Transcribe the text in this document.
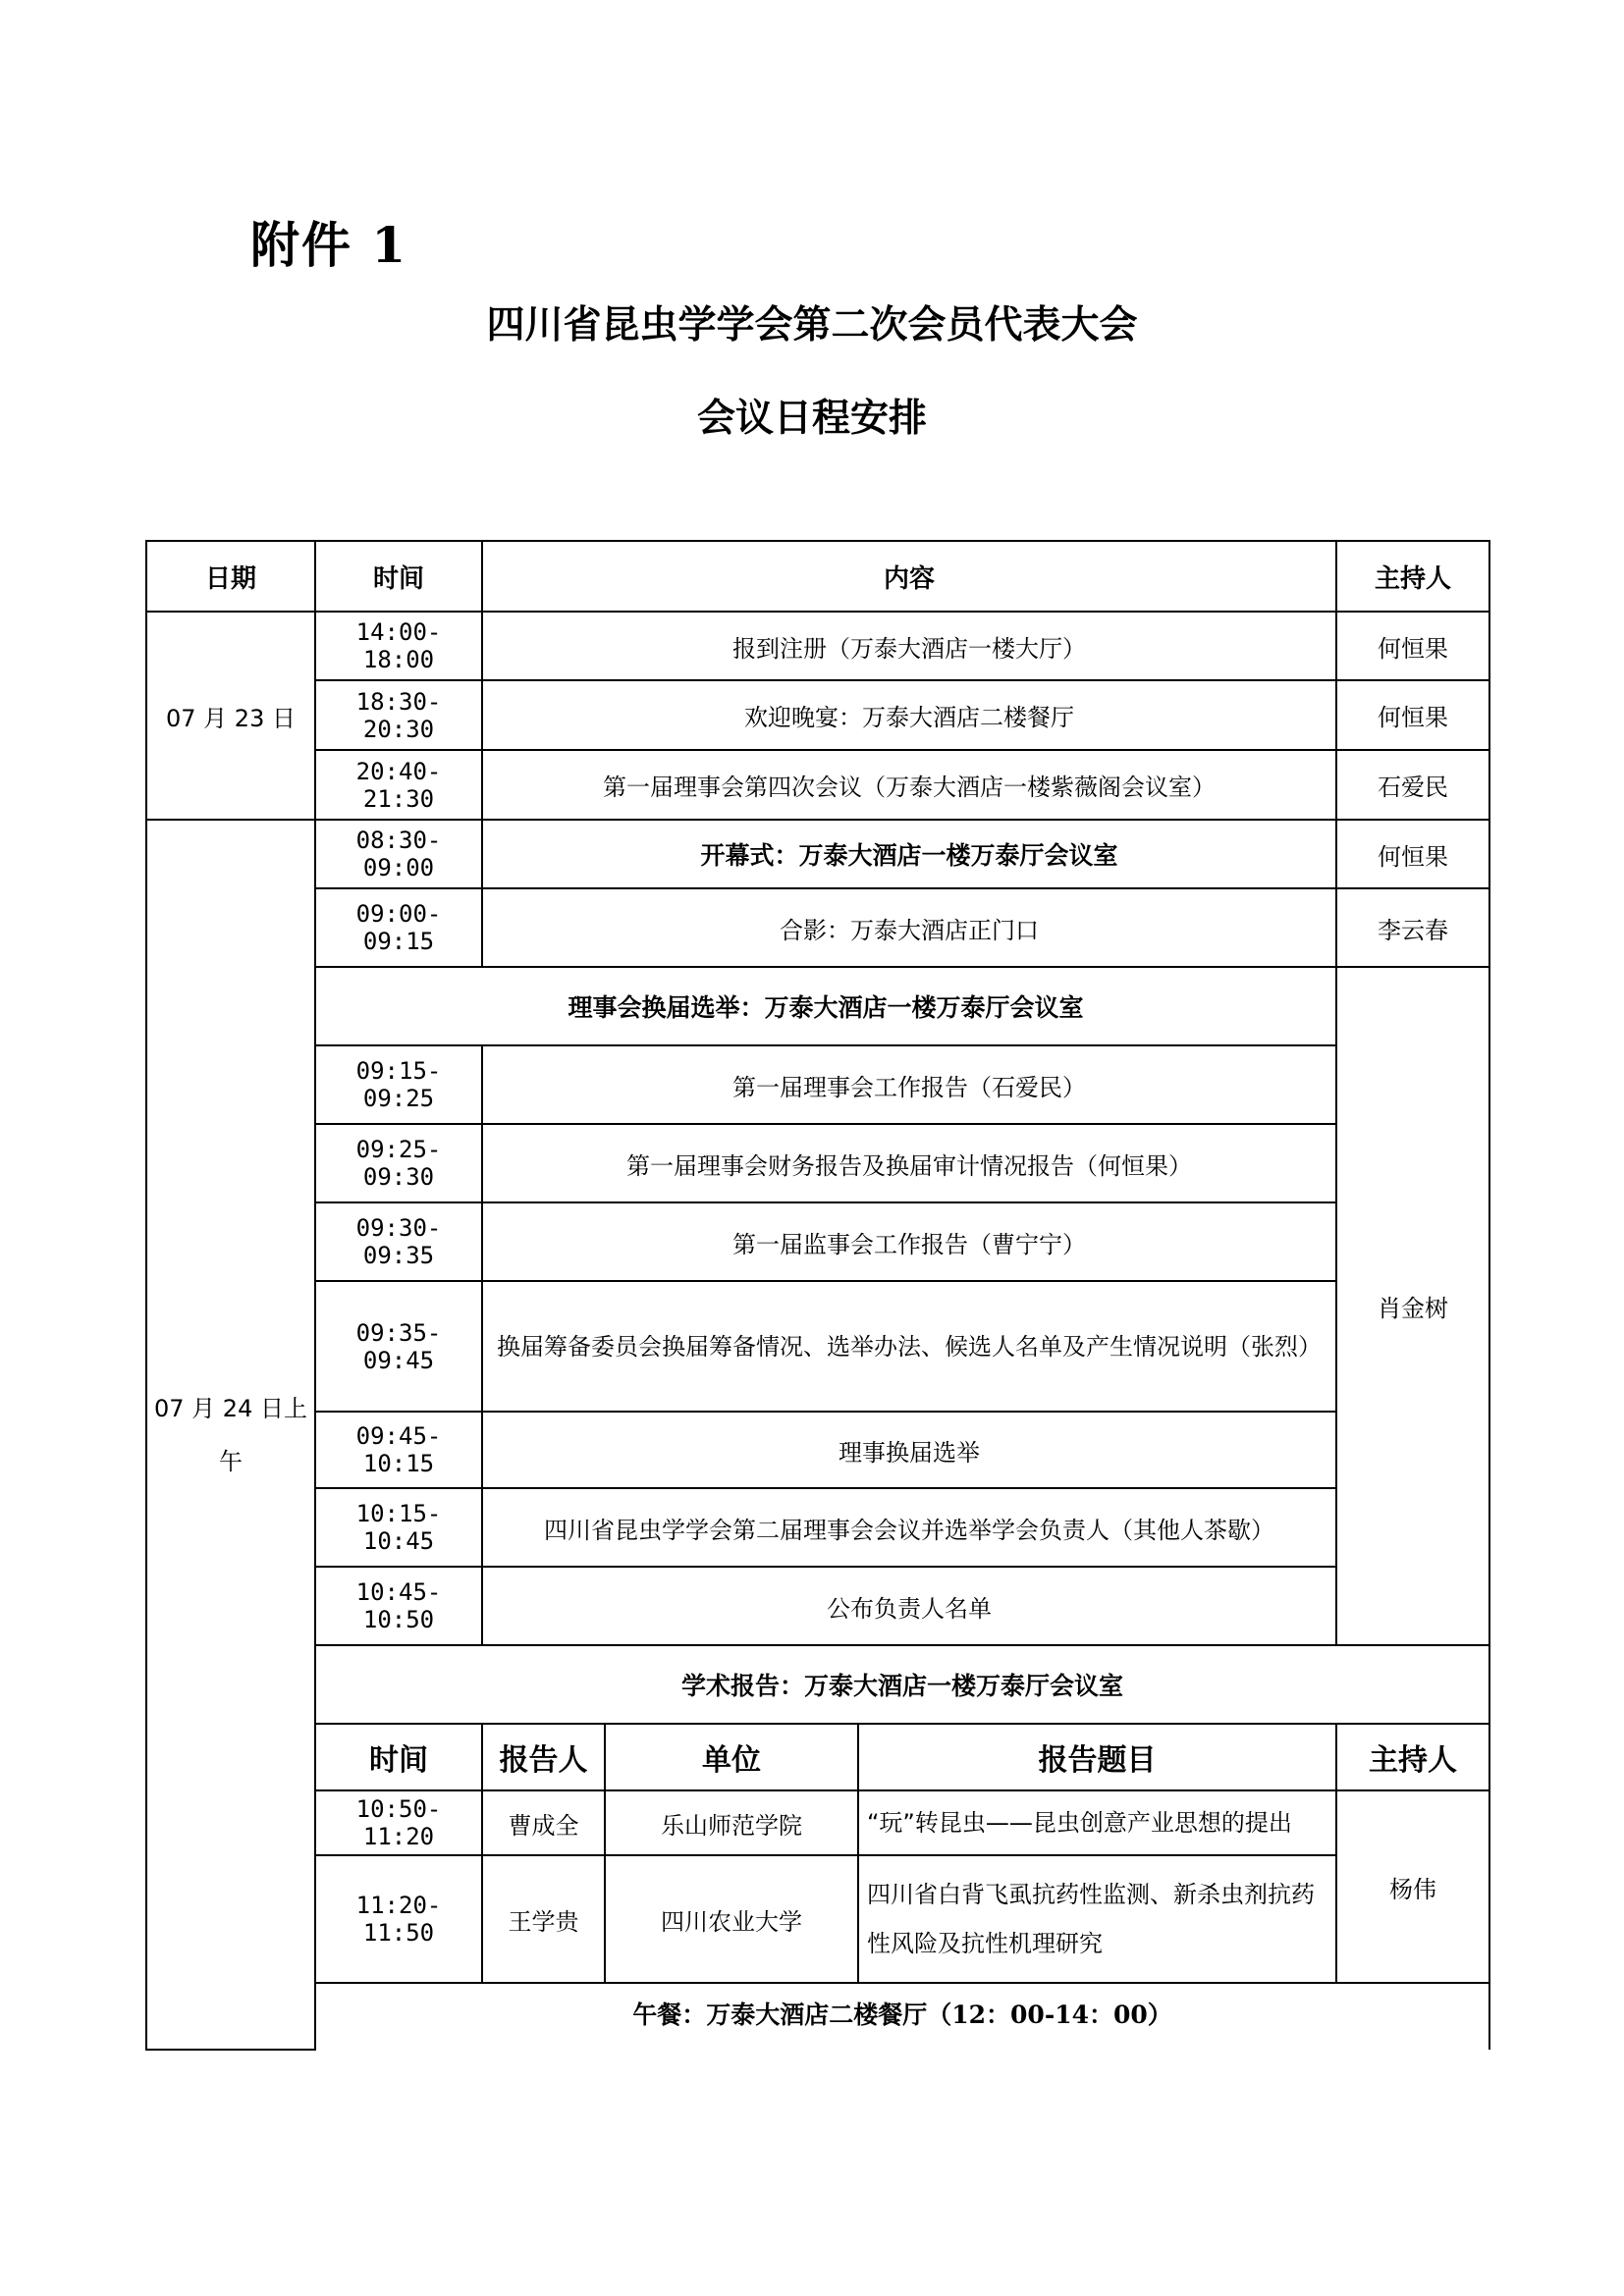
附件 1
四川省昆虫学学会第二次会员代表大会
会议日程安排
日期	时间	内容			主持人
07 月 23 日	14:00-18:00	报到注册（万泰大酒店一楼大厅）			何恒果
	18:30-20:30	欢迎晚宴：万泰大酒店二楼餐厅			何恒果
	20:40-21:30	第一届理事会第四次会议（万泰大酒店一楼紫薇阁会议室）			石爱民
07 月 24 日上午	08:30-09:00	开幕式：万泰大酒店一楼万泰厅会议室			何恒果
	09:00-09:15	合影：万泰大酒店正门口			李云春
	理事会换届选举：万泰大酒店一楼万泰厅会议室				肖金树
	09:15-09:25	第一届理事会工作报告（石爱民）			
	09:25-09:30	第一届理事会财务报告及换届审计情况报告（何恒果）			
	09:30-09:35	第一届监事会工作报告（曹宁宁）			
	09:35-09:45	换届筹备委员会换届筹备情况、选举办法、候选人名单及产生情况说明（张烈）			
	09:45-10:15	理事换届选举			
	10:15-10:45	四川省昆虫学学会第二届理事会会议并选举学会负责人（其他人茶歇）			
	10:45-10:50	公布负责人名单			
	学术报告：万泰大酒店一楼万泰厅会议室				
	时间	报告人	单位	报告题目	主持人
	10:50-11:20	曹成全	乐山师范学院	“玩”转昆虫——昆虫创意产业思想的提出	杨伟
	11:20-11:50	王学贵	四川农业大学	四川省白背飞虱抗药性监测、新杀虫剂抗药性风险及抗性机理研究	
	午餐：万泰大酒店二楼餐厅（12：00-14：00）				
